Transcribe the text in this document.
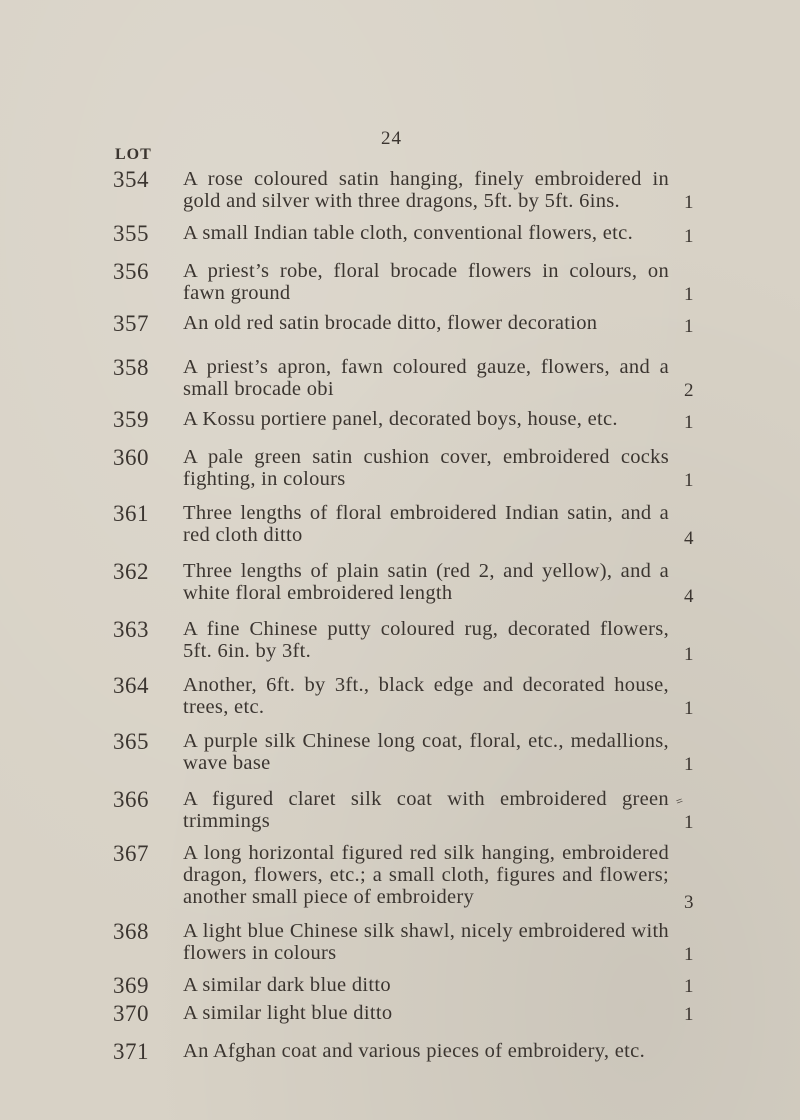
24
LOT
354 A rose coloured satin hanging, finely embroidered in gold and silver with three dragons, 5ft. by 5ft. 6ins.	1
355 A small Indian table cloth, conventional flowers, etc.	1
356 A priest’s robe, floral brocade flowers in colours, on fawn ground	1
357 An old red satin brocade ditto, flower decoration	1
358 A priest’s apron, fawn coloured gauze, flowers, and a small brocade obi	2
359 A Kossu portiere panel, decorated boys, house, etc.	1
360 A pale green satin cushion cover, embroidered cocks fighting, in colours	1
361 Three lengths of floral embroidered Indian satin, and a red cloth ditto	4
362 Three lengths of plain satin (red 2, and yellow), and a white floral embroidered length	4
363 A fine Chinese putty coloured rug, decorated flowers, 5ft. 6in. by 3ft.	1
364 Another, 6ft. by 3ft., black edge and decorated house, trees, etc.	1
365 A purple silk Chinese long coat, floral, etc., medallions, wave base	1
366 A figured claret silk coat with embroidered green trimmings	1
367 A long horizontal figured red silk hanging, embroidered dragon, flowers, etc.; a small cloth, figures and flowers; another small piece of embroidery	3
368 A light blue Chinese silk shawl, nicely embroidered with flowers in colours	1
369 A similar dark blue ditto	1
370 A similar light blue ditto	1
371 An Afghan coat and various pieces of embroidery, etc.
=
